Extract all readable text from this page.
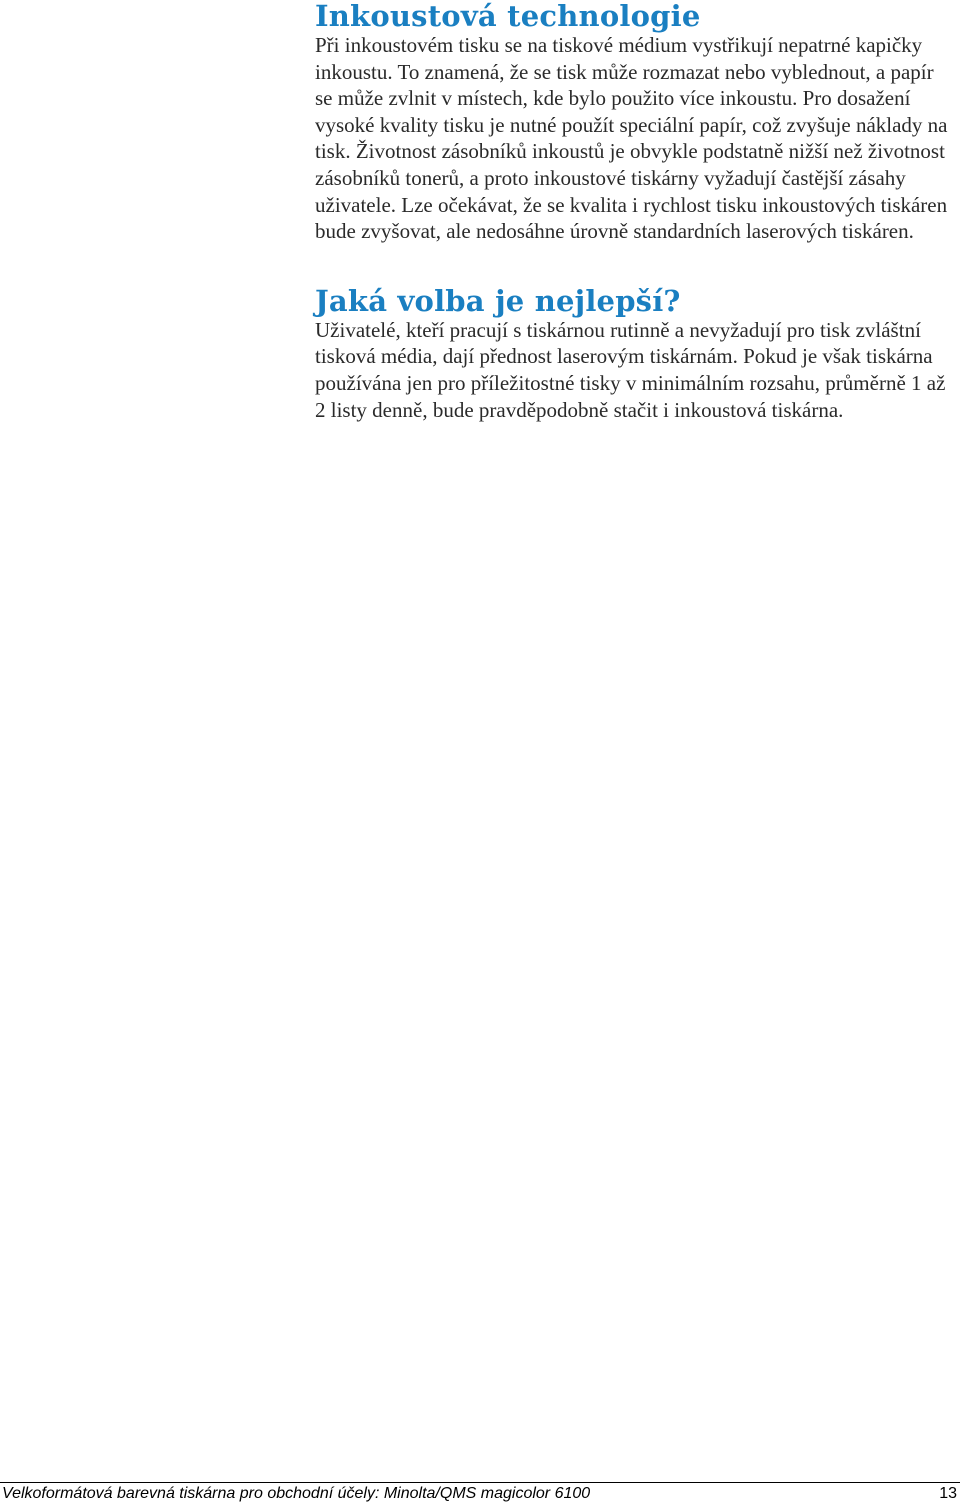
Inkoustová technologie

Při inkoustovém tisku se na tiskové médium vystřikují nepatrné kapičky inkoustu. To znamená, že se tisk může rozmazat nebo vyblednout, a papír se může zvlnit v místech, kde bylo použito více inkoustu. Pro dosažení vysoké kvality tisku je nutné použít speciální papír, což zvyšuje náklady na tisk. Životnost zásobníků inkoustů je obvykle podstatně nižší než životnost zásobníků tonerů, a proto inkoustové tiskárny vyžadují častější zásahy uživatele. Lze očekávat, že se kvalita i rychlost tisku inkoustových tiskáren bude zvyšovat, ale nedosáhne úrovně standardních laserových tiskáren.

Jaká volba je nejlepší?

Uživatelé, kteří pracují s tiskárnou rutinně a nevyžadují pro tisk zvláštní tisková média, dají přednost laserovým tiskárnám. Pokud je však tiskárna používána jen pro příležitostné tisky v minimálním rozsahu, průměrně 1 až 2 listy denně, bude pravděpodobně stačit i inkoustová tiskárna.

Velkoformátová barevná tiskárna pro obchodní účely: Minolta/QMS magicolor 6100	13
